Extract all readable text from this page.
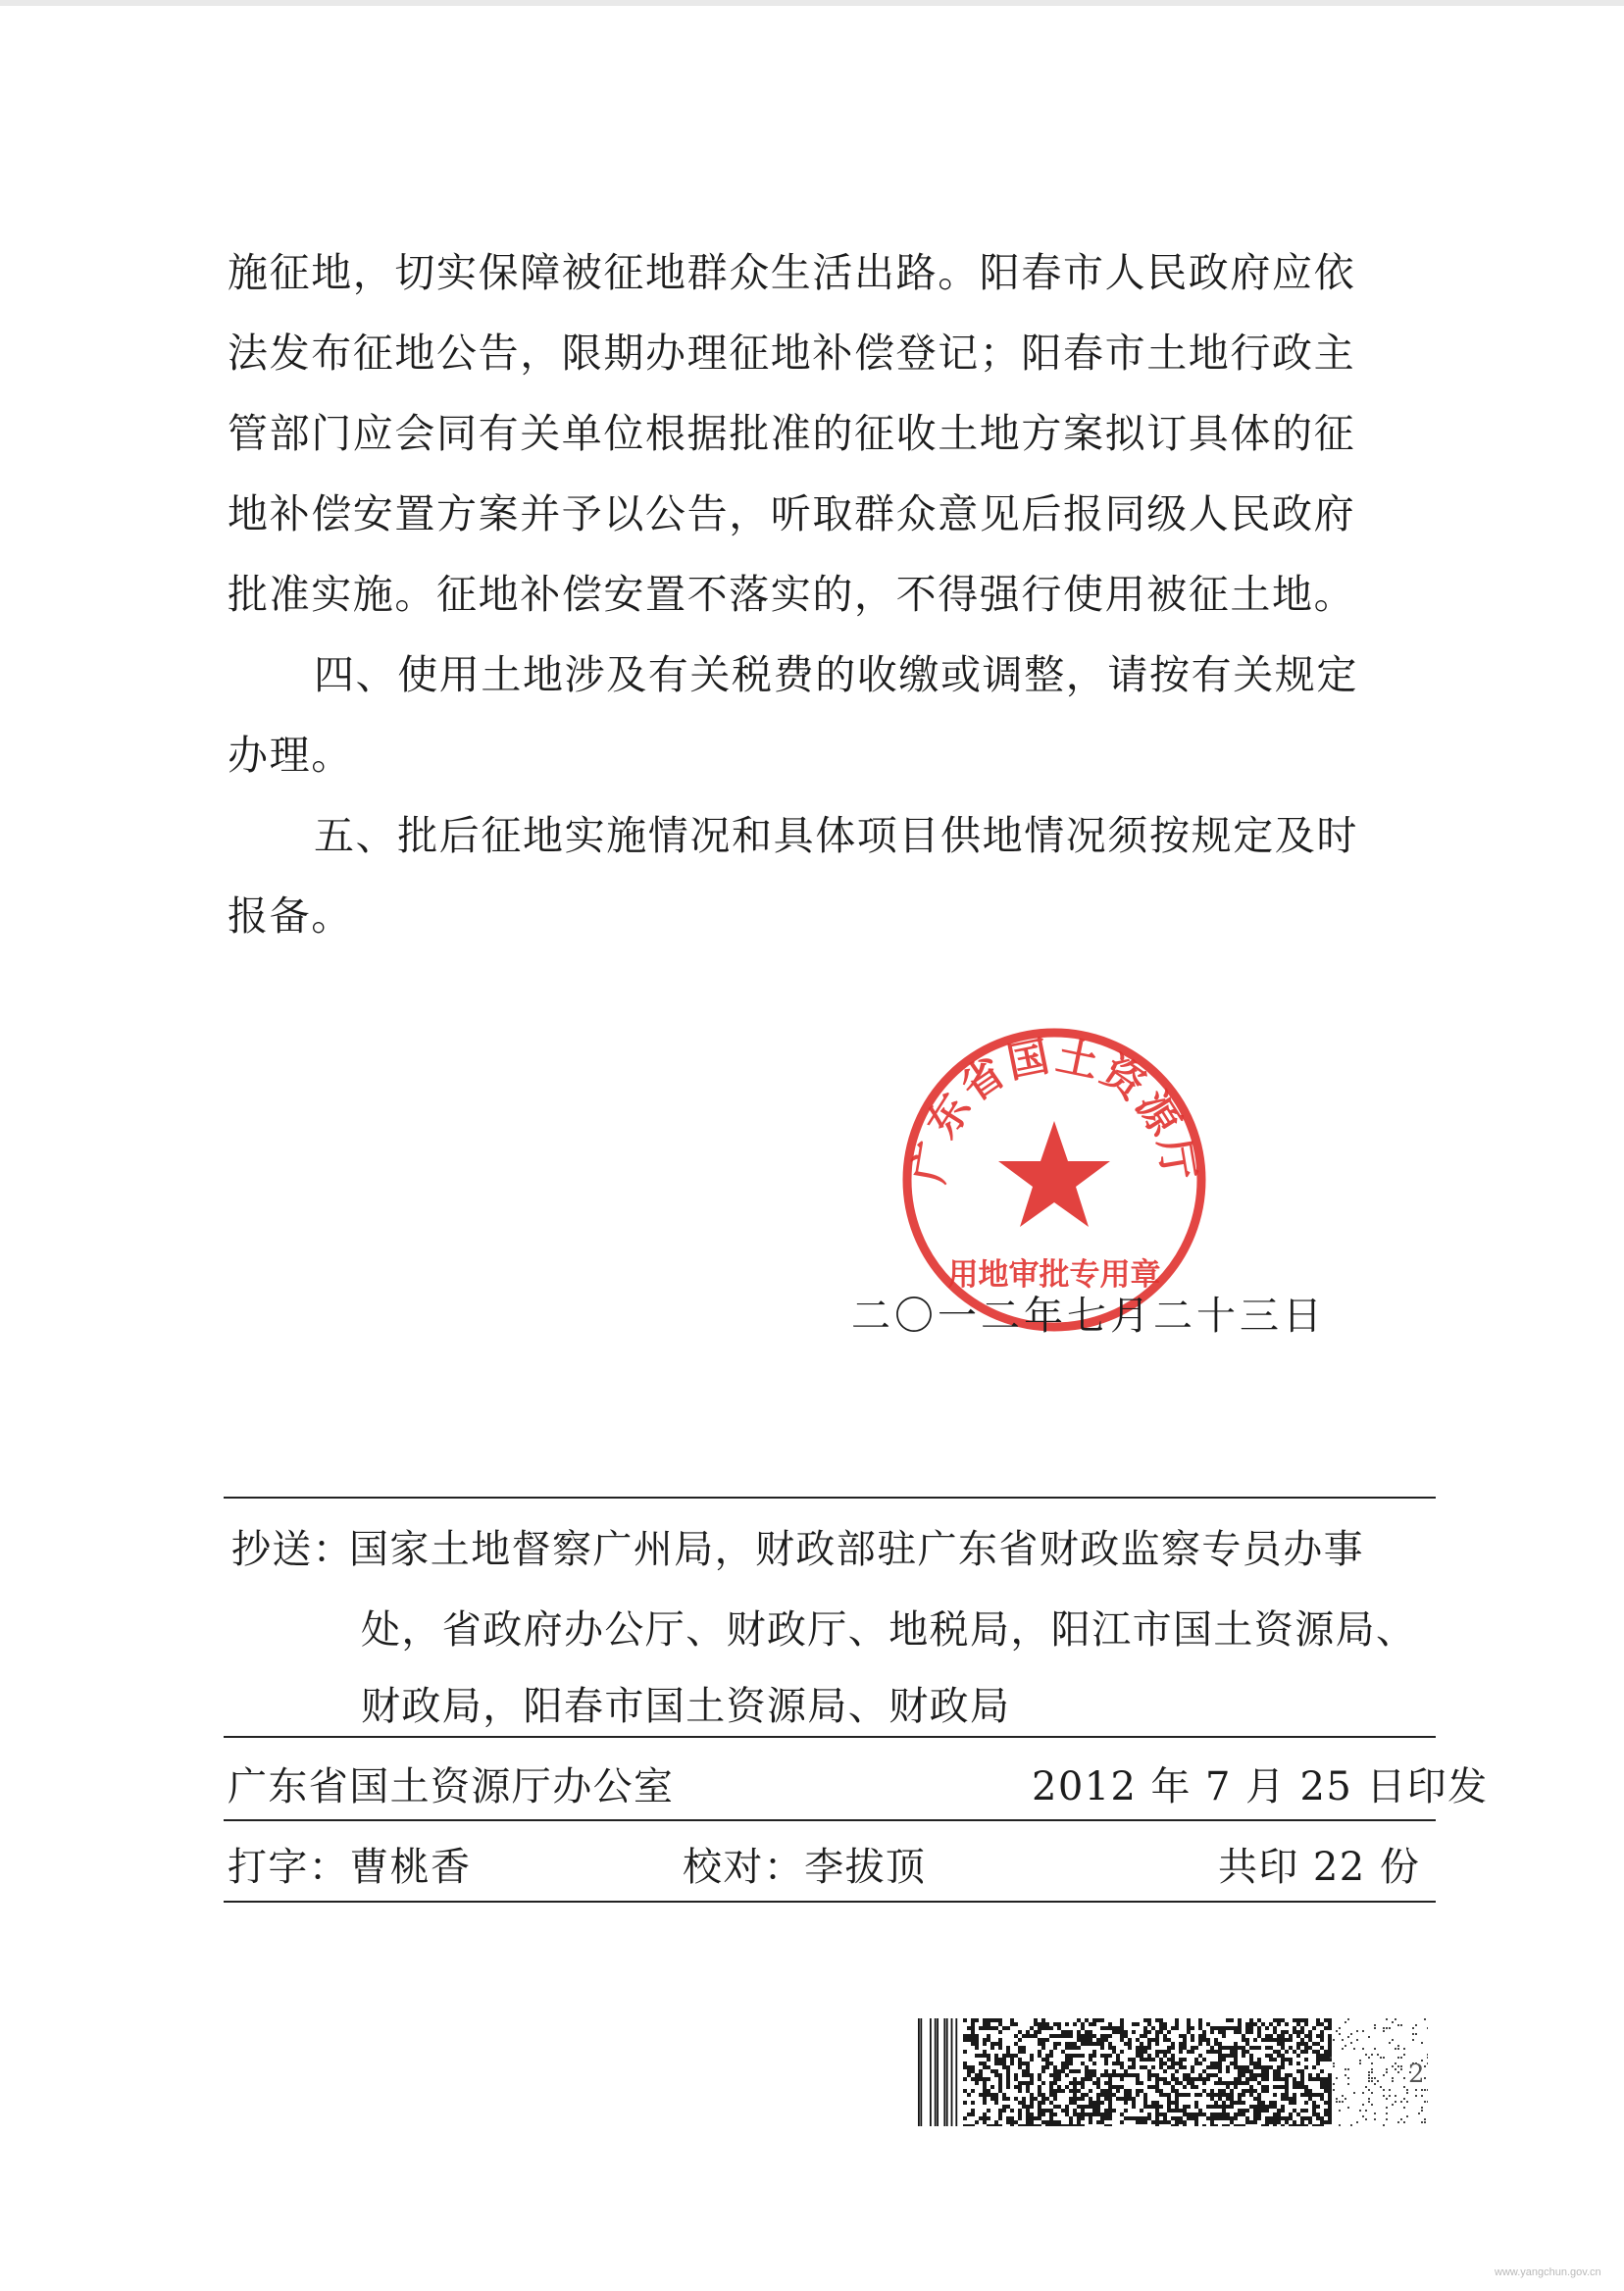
施征地，切实保障被征地群众生活出路。阳春市人民政府应依
法发布征地公告，限期办理征地补偿登记；阳春市土地行政主
管部门应会同有关单位根据批准的征收土地方案拟订具体的征
地补偿安置方案并予以公告，听取群众意见后报同级人民政府
批准实施。征地补偿安置不落实的，不得强行使用被征土地。
四、使用土地涉及有关税费的收缴或调整，请按有关规定
办理。
五、批后征地实施情况和具体项目供地情况须按规定及时
报备。
广东省国土资源厅
用地审批专用章
二〇一二年七月二十三日
抄送：
国家土地督察广州局，财政部驻广东省财政监察专员办事
处，省政府办公厅、财政厅、地税局，阳江市国土资源局、
财政局，阳春市国土资源局、财政局
广东省国土资源厅办公室	2012 年 7 月 25 日印发
打字：曹桃香	校对：李拔顶	共印 22 份
2
www.yangchun.gov.cn
